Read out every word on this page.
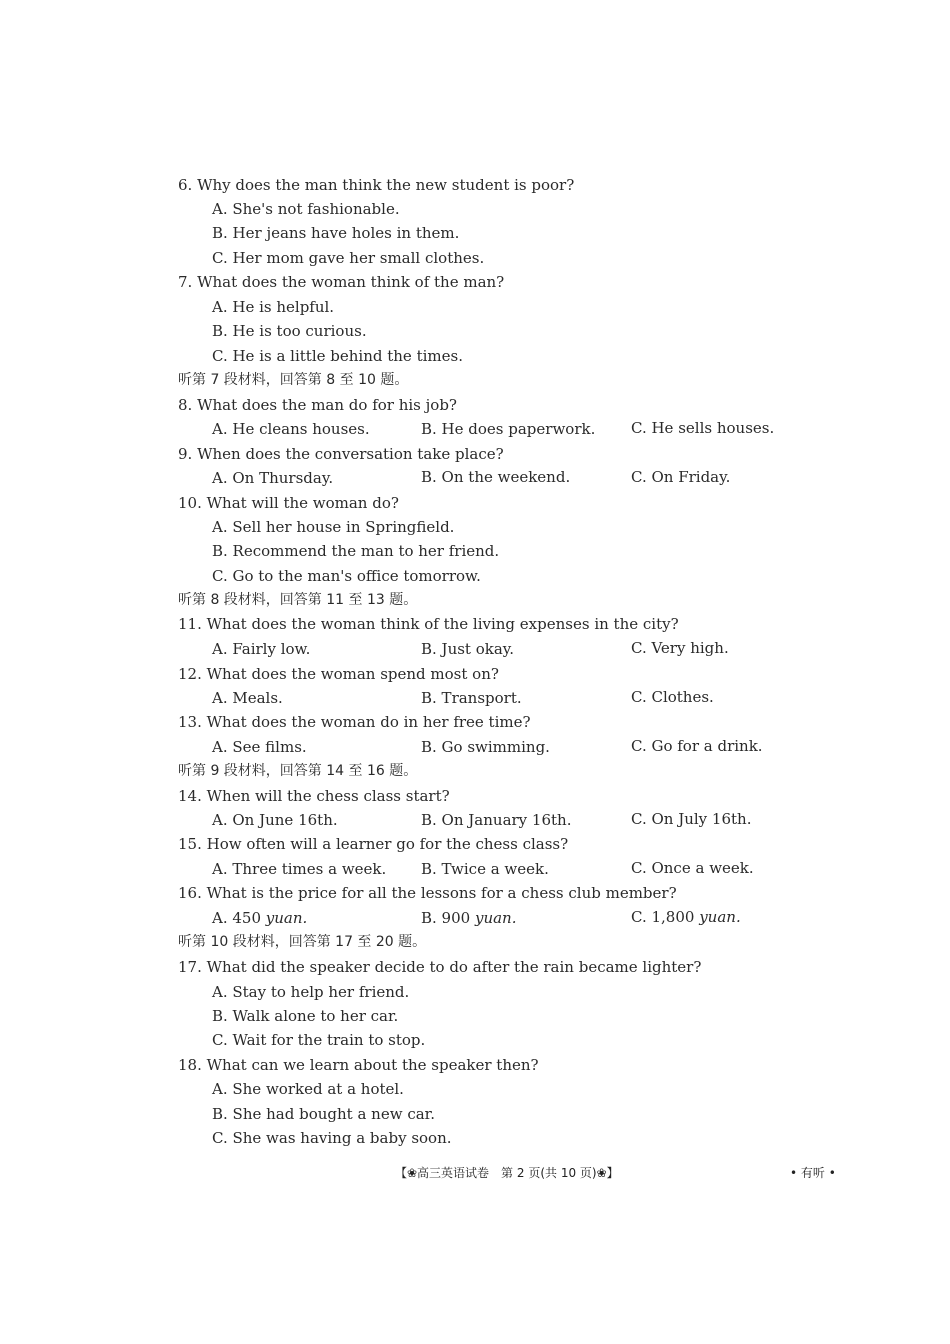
6. Why does the man think the new student is poor?
A. She's not fashionable.
B. Her jeans have holes in them.
C. Her mom gave her small clothes.
7. What does the woman think of the man?
A. He is helpful.
B. He is too curious.
C. He is a little behind the times.
听第 7 段材料，回答第 8 至 10 题。
8. What does the man do for his job?
A. He cleans houses.	B. He does paperwork. C. He sells houses.
9. When does the conversation take place?
A. On Thursday.	B. On the weekend.	C. On Friday.
10. What will the woman do?
A. Sell her house in Springfield.
B. Recommend the man to her friend.
C. Go to the man's office tomorrow.
听第 8 段材料，回答第 11 至 13 题。
11. What does the woman think of the living expenses in the city?
A. Fairly low.	B. Just okay.	C. Very high.
12. What does the woman spend most on?
A. Meals.	B. Transport.	C. Clothes.
13. What does the woman do in her free time?
A. See films.	B. Go swimming.	C. Go for a drink.
听第 9 段材料，回答第 14 至 16 题。
14. When will the chess class start?
A. On June 16th.	B. On January 16th.	C. On July 16th.
15. How often will a learner go for the chess class?
A. Three times a week. B. Twice a week.	C. Once a week.
16. What is the price for all the lessons for a chess club member?
A. 450 yuan.	B. 900 yuan.	C. 1,800 yuan.
听第 10 段材料，回答第 17 至 20 题。
17. What did the speaker decide to do after the rain became lighter?
A. Stay to help her friend.
B. Walk alone to her car.
C. Wait for the train to stop.
18. What can we learn about the speaker then?
A. She worked at a hotel.
B. She had bought a new car.
C. She was having a baby soon.
【❀高三英语试卷　第 2 页(共 10 页)❀】	• 有听 •
